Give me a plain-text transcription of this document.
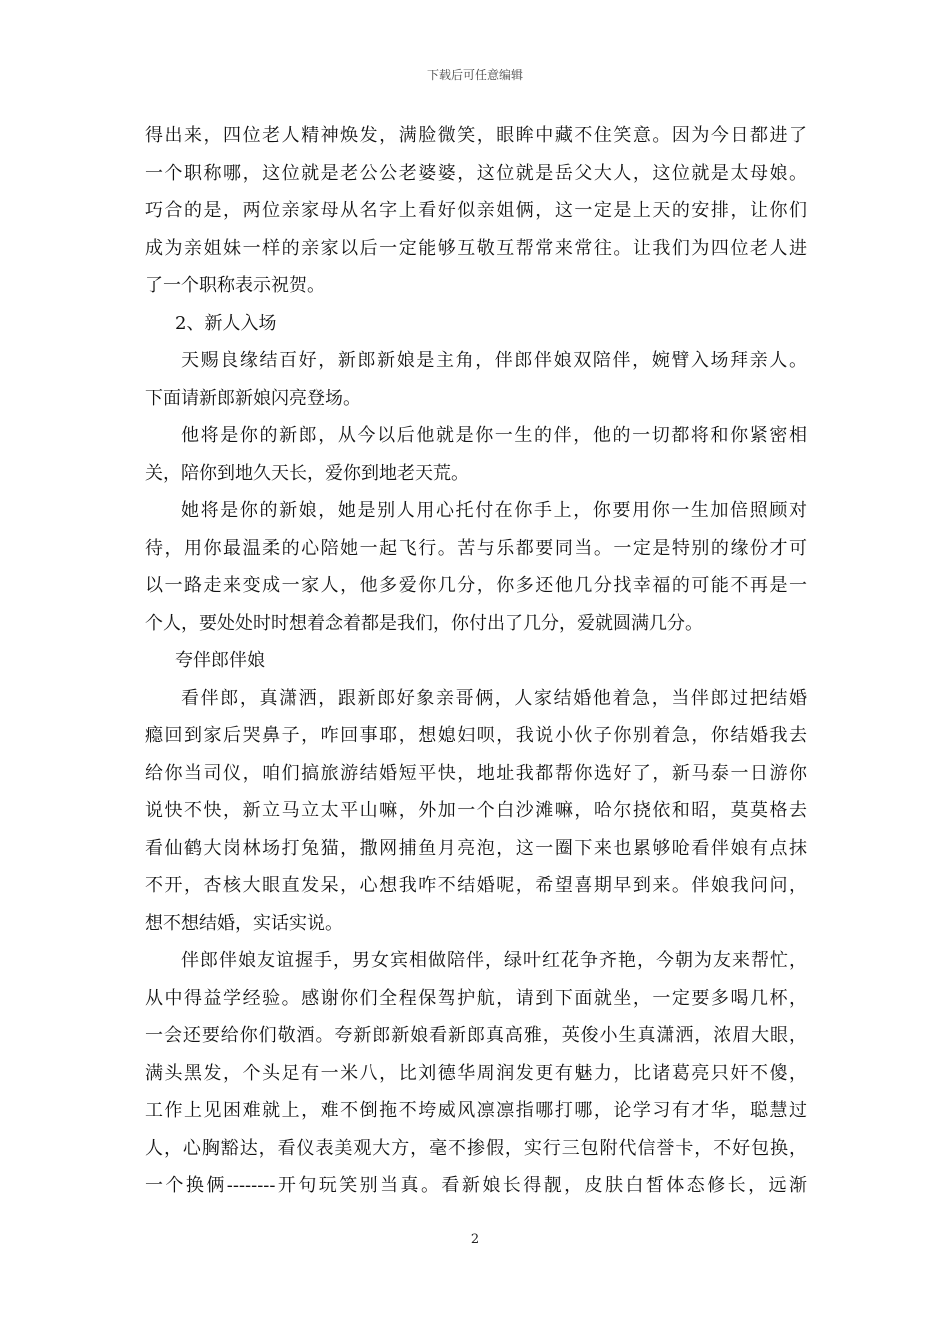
下载后可任意编辑
得出来，四位老人精神焕发，满脸微笑，眼眸中藏不住笑意。因为今日都进了
一个职称哪，这位就是老公公老婆婆，这位就是岳父大人，这位就是太母娘。
巧合的是，两位亲家母从名字上看好似亲姐俩，这一定是上天的安排，让你们
成为亲姐妹一样的亲家以后一定能够互敬互帮常来常往。让我们为四位老人进
了一个职称表示祝贺。
2、新人入场
天赐良缘结百好，新郎新娘是主角，伴郎伴娘双陪伴，婉臂入场拜亲人。
下面请新郎新娘闪亮登场。
他将是你的新郎，从今以后他就是你一生的伴，他的一切都将和你紧密相
关，陪你到地久天长，爱你到地老天荒。
她将是你的新娘，她是别人用心托付在你手上，你要用你一生加倍照顾对
待，用你最温柔的心陪她一起飞行。苦与乐都要同当。一定是特别的缘份才可
以一路走来变成一家人，他多爱你几分，你多还他几分找幸福的可能不再是一
个人，要处处时时想着念着都是我们，你付出了几分，爱就圆满几分。
夸伴郎伴娘
看伴郎，真潇洒，跟新郎好象亲哥俩，人家结婚他着急，当伴郎过把结婚
瘾回到家后哭鼻子，咋回事耶，想媳妇呗，我说小伙子你别着急，你结婚我去
给你当司仪，咱们搞旅游结婚短平快，地址我都帮你选好了，新马泰一日游你
说快不快，新立马立太平山嘛，外加一个白沙滩嘛，哈尔挠依和昭，莫莫格去
看仙鹤大岗林场打兔猫，撒网捕鱼月亮泡，这一圈下来也累够呛看伴娘有点抹
不开，杏核大眼直发呆，心想我咋不结婚呢，希望喜期早到来。伴娘我问问，
想不想结婚，实话实说。
伴郎伴娘友谊握手，男女宾相做陪伴，绿叶红花争齐艳，今朝为友来帮忙，
从中得益学经验。感谢你们全程保驾护航，请到下面就坐，一定要多喝几杯，
一会还要给你们敬酒。夸新郎新娘看新郎真高雅，英俊小生真潇洒，浓眉大眼，
满头黑发，个头足有一米八，比刘德华周润发更有魅力，比诸葛亮只奸不傻，
工作上见困难就上，难不倒拖不垮威风凛凛指哪打哪，论学习有才华，聪慧过
人，心胸豁达，看仪表美观大方，毫不掺假，实行三包附代信誉卡，不好包换，
一个换俩--------开句玩笑别当真。看新娘长得靓，皮肤白皙体态修长，远渐
2
